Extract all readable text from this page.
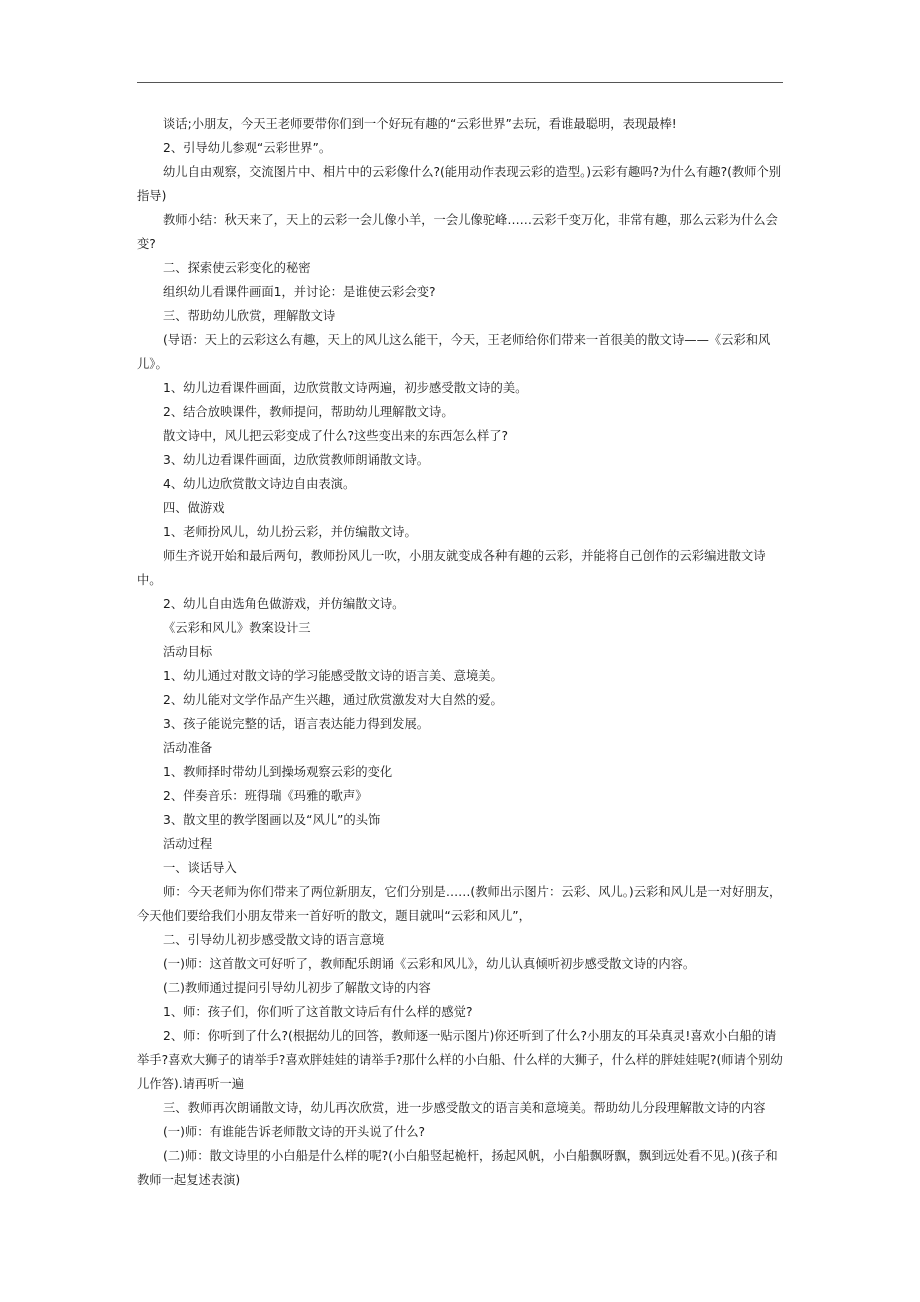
谈话;小朋友，今天王老师要带你们到一个好玩有趣的“云彩世界”去玩，看谁最聪明，表现最棒!

2、引导幼儿参观“云彩世界”。

幼儿自由观察，交流图片中、相片中的云彩像什么?(能用动作表现云彩的造型。)云彩有趣吗?为什么有趣?(教师个别指导)

教师小结：秋天来了，天上的云彩一会儿像小羊，一会儿像驼峰……云彩千变万化，非常有趣，那么云彩为什么会变?

二、探索使云彩变化的秘密

组织幼儿看课件画面1，并讨论：是谁使云彩会变?

三、帮助幼儿欣赏，理解散文诗

(导语：天上的云彩这么有趣，天上的风儿这么能干，今天，王老师给你们带来一首很美的散文诗——《云彩和风儿》。

1、幼儿边看课件画面，边欣赏散文诗两遍，初步感受散文诗的美。

2、结合放映课件，教师提问，帮助幼儿理解散文诗。

散文诗中，风儿把云彩变成了什么?这些变出来的东西怎么样了?

3、幼儿边看课件画面，边欣赏教师朗诵散文诗。

4、幼儿边欣赏散文诗边自由表演。

四、做游戏

1、老师扮风儿，幼儿扮云彩，并仿编散文诗。

师生齐说开始和最后两句，教师扮风儿一吹，小朋友就变成各种有趣的云彩，并能将自己创作的云彩编进散文诗中。

2、幼儿自由选角色做游戏，并仿编散文诗。

《云彩和风儿》教案设计三

活动目标

1、幼儿通过对散文诗的学习能感受散文诗的语言美、意境美。

2、幼儿能对文学作品产生兴趣，通过欣赏激发对大自然的爱。

3、孩子能说完整的话，语言表达能力得到发展。

活动准备

1、教师择时带幼儿到操场观察云彩的变化

2、伴奏音乐：班得瑞《玛雅的歌声》

3、散文里的教学图画以及“风儿”的头饰

活动过程

一、谈话导入

师：今天老师为你们带来了两位新朋友，它们分别是……(教师出示图片：云彩、风儿。)云彩和风儿是一对好朋友，今天他们要给我们小朋友带来一首好听的散文，题目就叫“云彩和风儿”，

二、引导幼儿初步感受散文诗的语言意境

(一)师：这首散文可好听了，教师配乐朗诵《云彩和风儿》，幼儿认真倾听初步感受散文诗的内容。

(二)教师通过提问引导幼儿初步了解散文诗的内容

1、师：孩子们，你们听了这首散文诗后有什么样的感觉?

2、师：你听到了什么?(根据幼儿的回答，教师逐一贴示图片)你还听到了什么?小朋友的耳朵真灵!喜欢小白船的请举手?喜欢大狮子的请举手?喜欢胖娃娃的请举手?那什么样的小白船、什么样的大狮子，什么样的胖娃娃呢?(师请个别幼儿作答).请再听一遍

三、教师再次朗诵散文诗，幼儿再次欣赏，进一步感受散文的语言美和意境美。帮助幼儿分段理解散文诗的内容

(一)师：有谁能告诉老师散文诗的开头说了什么?

(二)师：散文诗里的小白船是什么样的呢?(小白船竖起桅杆，扬起风帆，小白船飘呀飘，飘到远处看不见。)(孩子和教师一起复述表演)
